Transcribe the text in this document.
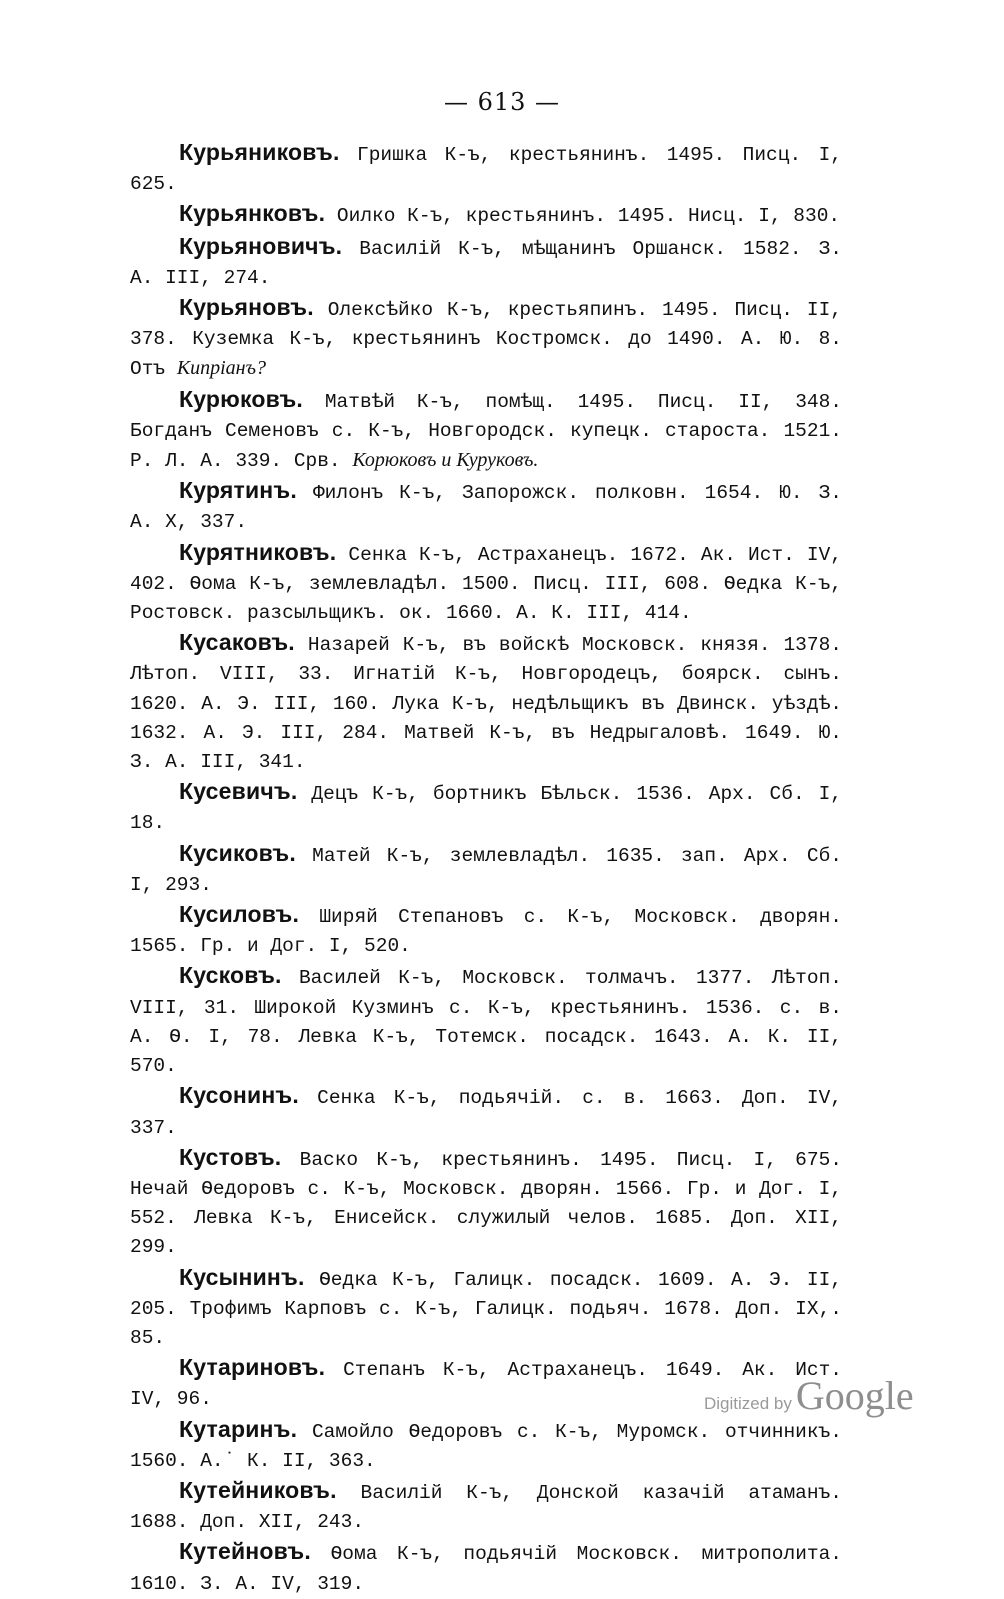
— 613 —

Курьяниковъ. Гришка К-ъ, крестьянинъ. 1495. Писц. I, 625.

Курьянковъ. Оилко К-ъ, крестьянинъ. 1495. Нисц. I, 830.

Курьяновичъ. Василій К-ъ, мѣщанинъ Оршанск. 1582. З. А. III, 274.

Курьяновъ. Олексѣйко К-ъ, крестьяпинъ. 1495. Писц. II, 378. Куземка К-ъ, крестьянинъ Костромск. до 1490. А. Ю. 8. Отъ Кипріанъ?

Курюковъ. Матвѣй К-ъ, помѣщ. 1495. Писц. II, 348. Богданъ Семеновъ с. К-ъ, Новгородск. купецк. староста. 1521. Р. Л. А. 339. Срв. Корюковъ и Куруковъ.

Курятинъ. Филонъ К-ъ, Запорожск. полковн. 1654. Ю. З. А. X, 337.

Курятниковъ. Сенка К-ъ, Астраханецъ. 1672. Ак. Ист. IV, 402. Ѳома К-ъ, землевладѣл. 1500. Писц. III, 608. Ѳедка К-ъ, Ростовск. разсыльщикъ. ок. 1660. А. К. III, 414.

Кусаковъ. Назарей К-ъ, въ войскѣ Московск. князя. 1378. Лѣтоп. VIII, 33. Игнатій К-ъ, Новгородецъ, боярск. сынъ. 1620. А. Э. III, 160. Лука К-ъ, недѣльщикъ въ Двинск. уѣздѣ. 1632. А. Э. III, 284. Матвей К-ъ, въ Недрыгаловѣ. 1649. Ю. З. А. III, 341.

Кусевичъ. Децъ К-ъ, бортникъ Бѣльск. 1536. Арх. Сб. I, 18.

Кусиковъ. Матей К-ъ, землевладѣл. 1635. зап. Арх. Сб. I, 293.

Кусиловъ. Ширяй Степановъ с. К-ъ, Московск. дворян. 1565. Гр. и Дог. I, 520.

Кусковъ. Василей К-ъ, Московск. толмачъ. 1377. Лѣтоп. VIII, 31. Широкой Кузминъ с. К-ъ, крестьянинъ. 1536. с. в. А. Ѳ. I, 78. Левка К-ъ, Тотемск. посадск. 1643. А. К. II, 570.

Кусонинъ. Сенка К-ъ, подьячій. с. в. 1663. Доп. IV, 337.

Кустовъ. Васко К-ъ, крестьянинъ. 1495. Писц. I, 675. Нечай Ѳедоровъ с. К-ъ, Московск. дворян. 1566. Гр. и Дог. I, 552. Левка К-ъ, Енисейск. служилый челов. 1685. Доп. XII, 299.

Кусынинъ. Ѳедка К-ъ, Галицк. посадск. 1609. А. Э. II, 205. Трофимъ Карповъ с. К-ъ, Галицк. подьяч. 1678. Доп. IX,. 85.

Кутариновъ. Степанъ К-ъ, Астраханецъ. 1649. Ак. Ист. IV, 96.

Кутаринъ. Самойло Ѳедоровъ с. К-ъ, Муромск. отчинникъ. 1560. А.˙ К. II, 363.

Кутейниковъ. Василій К-ъ, Донской казачій атаманъ. 1688. Доп. XII, 243.

Кутейновъ. Ѳома К-ъ, подьячій Московск. митрополита. 1610. З. А. IV, 319.

Digitized by Google
